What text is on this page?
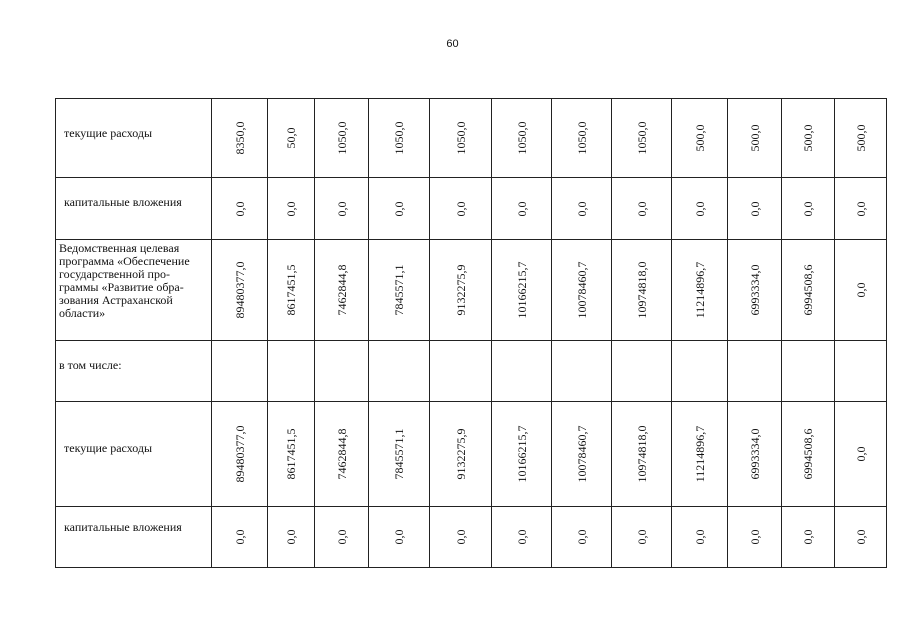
60
текущие расходы	8350,0	50,0	1050,0	1050,0	1050,0	1050,0	1050,0	1050,0	500,0	500,0	500,0	500,0

капитальные вложения	0,0	0,0	0,0	0,0	0,0	0,0	0,0	0,0	0,0	0,0	0,0	0,0

Ведомственная целевая программа «Обеспечение государственной про-граммы «Развитие обра-зования Астраханской области»	89480377,0	8617451,5	7462844,8	7845571,1	9132275,9	10166215,7	10078460,7	10974818,0	11214896,7	6993334,0	6994508,6	0,0

в том числе:	

текущие расходы	89480377,0	8617451,5	7462844,8	7845571,1	9132275,9	10166215,7	10078460,7	10974818,0	11214896,7	6993334,0	6994508,6	0,0

капитальные вложения	0,0	0,0	0,0	0,0	0,0	0,0	0,0	0,0	0,0	0,0	0,0	0,0
